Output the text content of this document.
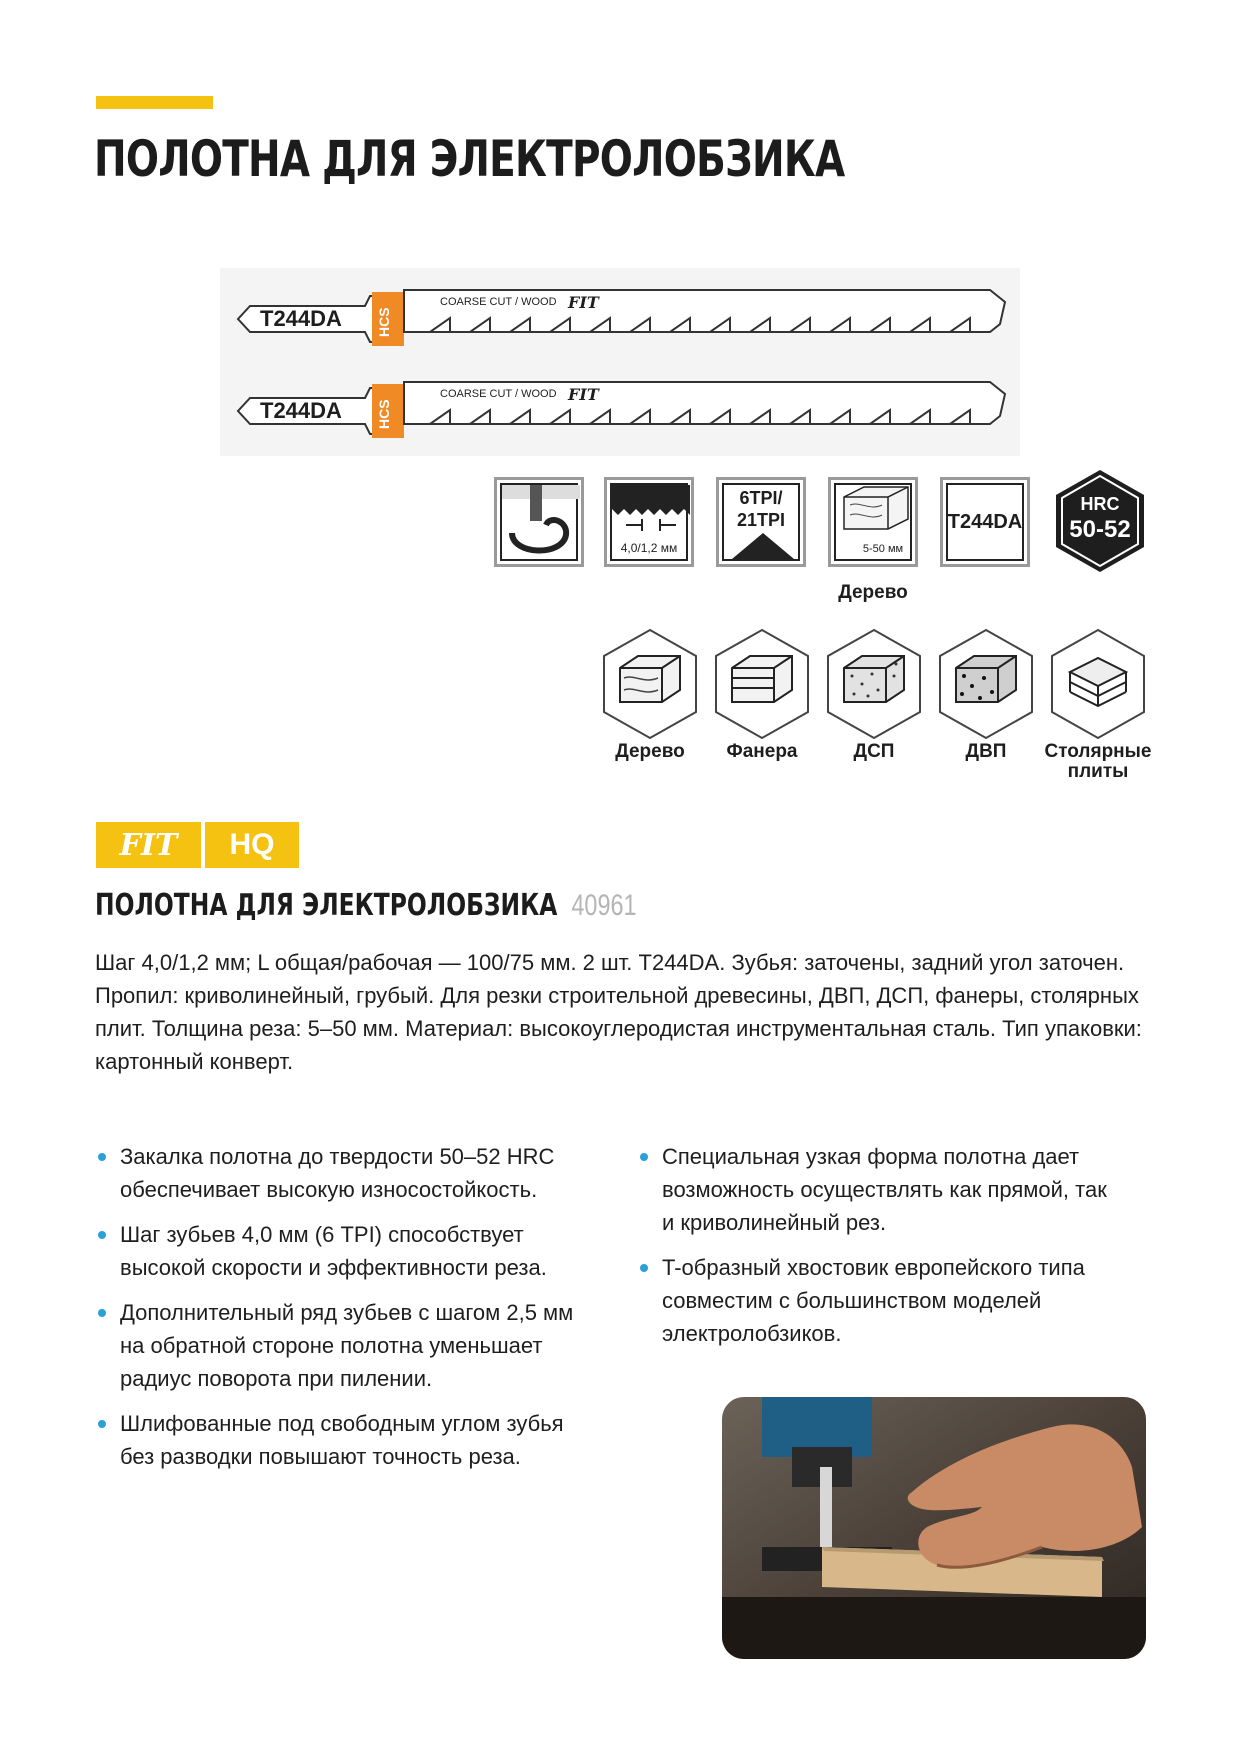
ПОЛОТНА ДЛЯ ЭЛЕКТРОЛОБЗИКА
T244DA HCS
COARSE CUT / WOOD FIT
T244DA HCS
COARSE CUT / WOOD FIT
4,0/1,2 мм
6TPI/
21TPI
5-50 мм
Дерево
T244DA
HRC
50-52
Дерево	Фанера	ДСП	ДВП	Столярные плиты
FIT	HQ
ПОЛОТНА ДЛЯ ЭЛЕКТРОЛОБЗИКА 40961
Шаг 4,0/1,2 мм; L общая/рабочая — 100/75 мм. 2 шт. T244DA. Зубья: заточены, задний угол заточен. Пропил: криволинейный, грубый. Для резки строительной древесины, ДВП, ДСП, фанеры, столярных плит. Толщина реза: 5–50 мм. Материал: высокоуглеродистая инструментальная сталь. Тип упаковки: картонный конверт.
Закалка полотна до твердости 50–52 HRC обеспечивает высокую износостойкость.
Шаг зубьев 4,0 мм (6 TPI) способствует высокой скорости и эффективности реза.
Дополнительный ряд зубьев с шагом 2,5 мм на обратной стороне полотна уменьшает радиус поворота при пилении.
Шлифованные под свободным углом зубья без разводки повышают точность реза.
Специальная узкая форма полотна дает возможность осуществлять как прямой, так и криволинейный рез.
T-образный хвостовик европейского типа совместим с большинством моделей электролобзиков.
